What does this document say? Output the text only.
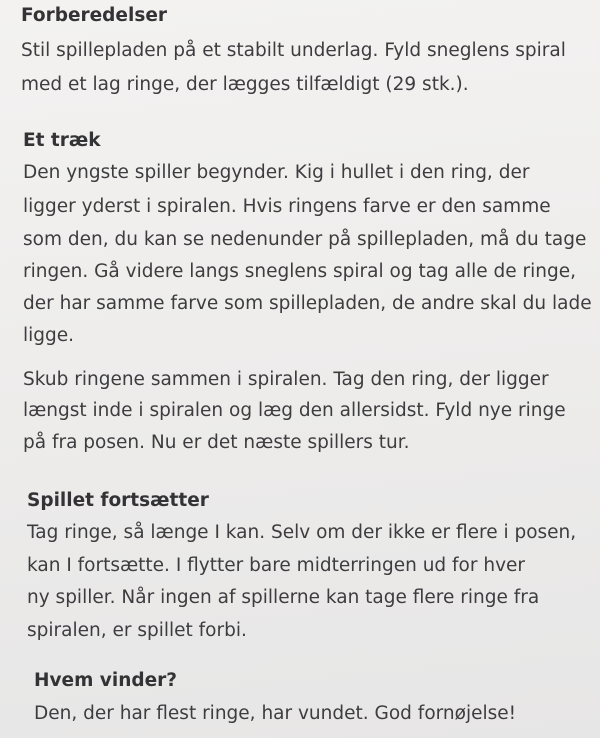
Forberedelser
Stil spillepladen på et stabilt underlag. Fyld sneglens spiral
med et lag ringe, der lægges tilfældigt (29 stk.).
Et træk
Den yngste spiller begynder. Kig i hullet i den ring, der
ligger yderst i spiralen. Hvis ringens farve er den samme
som den, du kan se nedenunder på spillepladen, må du tage
ringen. Gå videre langs sneglens spiral og tag alle de ringe,
der har samme farve som spillepladen, de andre skal du lade
ligge.
Skub ringene sammen i spiralen. Tag den ring, der ligger
længst inde i spiralen og læg den allersidst. Fyld nye ringe
på fra posen. Nu er det næste spillers tur.
Spillet fortsætter
Tag ringe, så længe I kan. Selv om der ikke er flere i posen,
kan I fortsætte. I flytter bare midterringen ud for hver
ny spiller. Når ingen af spillerne kan tage flere ringe fra
spiralen, er spillet forbi.
Hvem vinder?
Den, der har flest ringe, har vundet. God fornøjelse!
